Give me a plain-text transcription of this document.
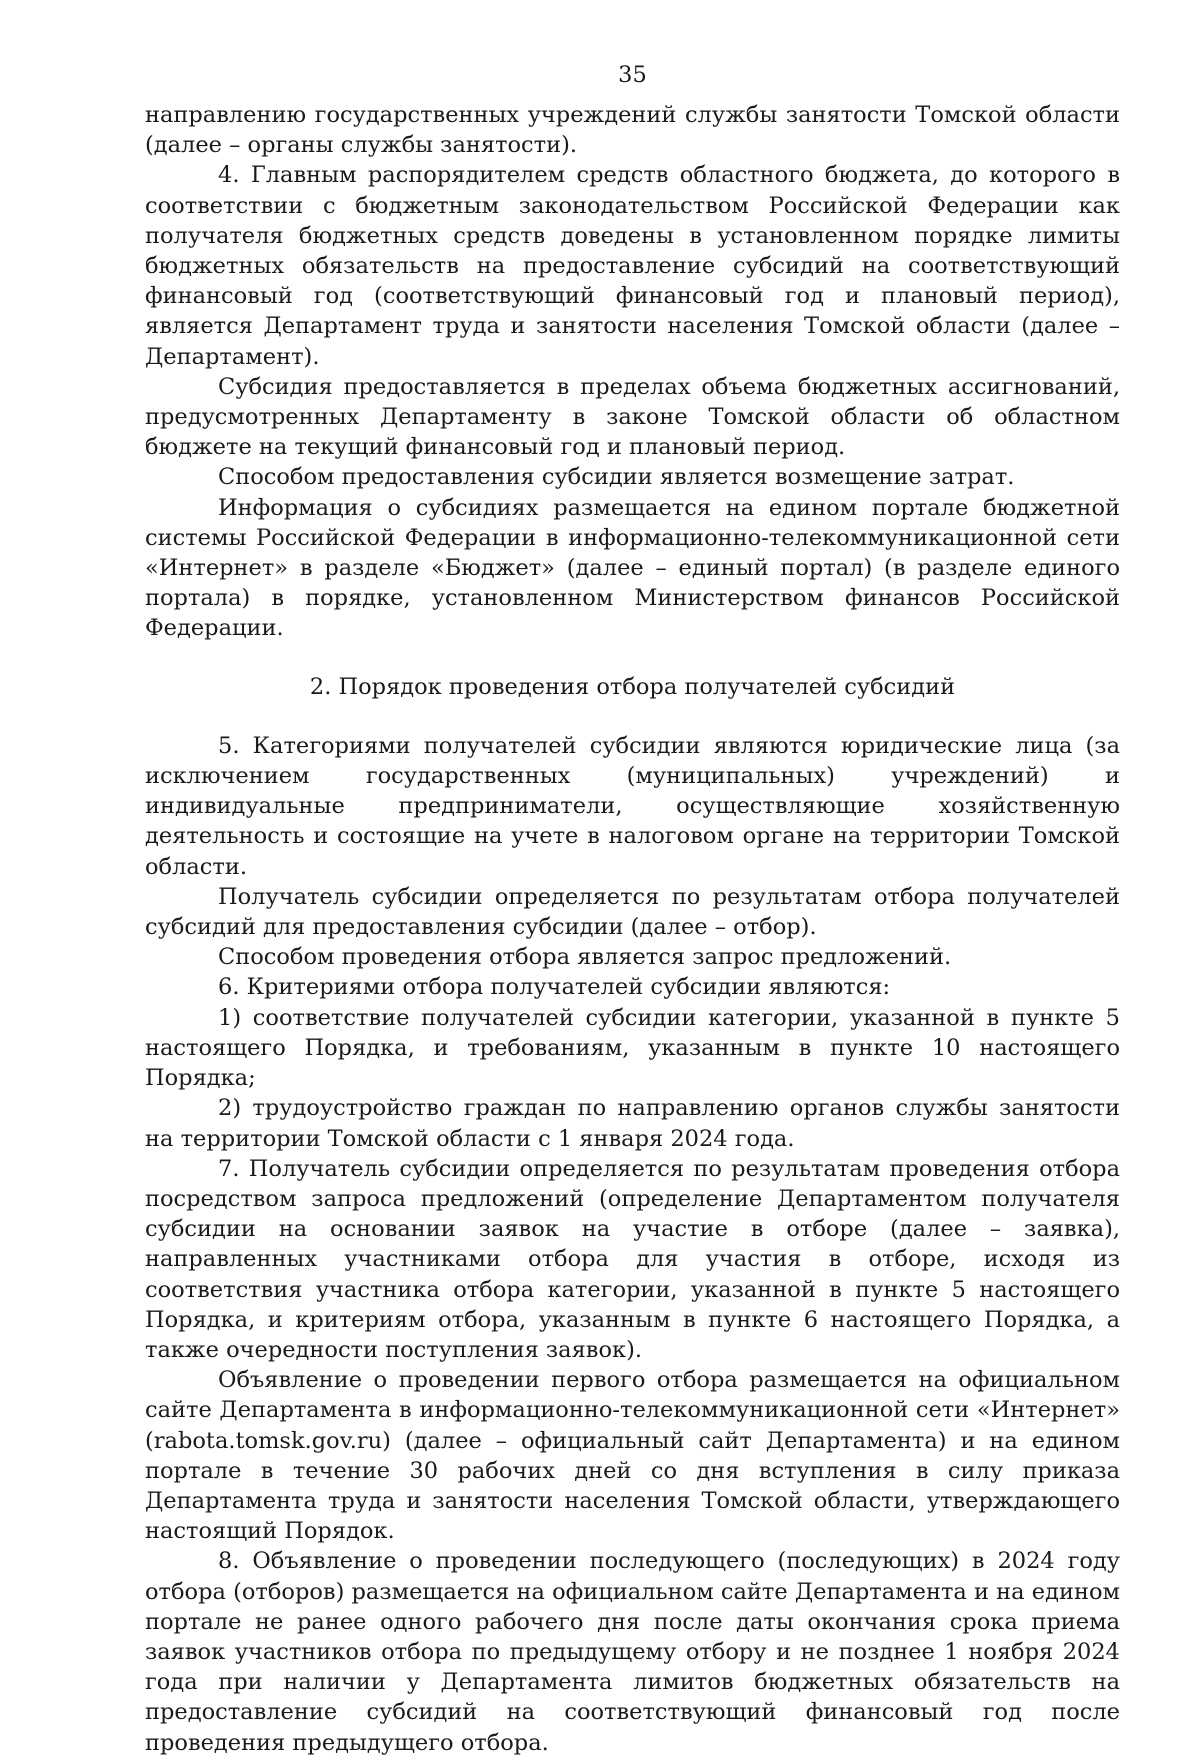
35

направлению государственных учреждений службы занятости Томской области (далее – органы службы занятости).

4. Главным распорядителем средств областного бюджета, до которого в соответствии с бюджетным законодательством Российской Федерации как получателя бюджетных средств доведены в установленном порядке лимиты бюджетных обязательств на предоставление субсидий на соответствующий финансовый год (соответствующий финансовый год и плановый период), является Департамент труда и занятости населения Томской области (далее – Департамент).

Субсидия предоставляется в пределах объема бюджетных ассигнований, предусмотренных Департаменту в законе Томской области об областном бюджете на текущий финансовый год и плановый период.

Способом предоставления субсидии является возмещение затрат.

Информация о субсидиях размещается на едином портале бюджетной системы Российской Федерации в информационно-телекоммуникационной сети «Интернет» в разделе «Бюджет» (далее – единый портал) (в разделе единого портала) в порядке, установленном Министерством финансов Российской Федерации.

2. Порядок проведения отбора получателей субсидий

5. Категориями получателей субсидии являются юридические лица (за исключением государственных (муниципальных) учреждений) и индивидуальные предприниматели, осуществляющие хозяйственную деятельность и состоящие на учете в налоговом органе на территории Томской области.

Получатель субсидии определяется по результатам отбора получателей субсидий для предоставления субсидии (далее – отбор).

Способом проведения отбора является запрос предложений.

6. Критериями отбора получателей субсидии являются:

1) соответствие получателей субсидии категории, указанной в пункте 5 настоящего Порядка, и требованиям, указанным в пункте 10 настоящего Порядка;

2) трудоустройство граждан по направлению органов службы занятости на территории Томской области с 1 января 2024 года.

7. Получатель субсидии определяется по результатам проведения отбора посредством запроса предложений (определение Департаментом получателя субсидии на основании заявок на участие в отборе (далее – заявка), направленных участниками отбора для участия в отборе, исходя из соответствия участника отбора категории, указанной в пункте 5 настоящего Порядка, и критериям отбора, указанным в пункте 6 настоящего Порядка, а также очередности поступления заявок).

Объявление о проведении первого отбора размещается на официальном сайте Департамента в информационно-телекоммуникационной сети «Интернет» (rabota.tomsk.gov.ru) (далее – официальный сайт Департамента) и на едином портале в течение 30 рабочих дней со дня вступления в силу приказа Департамента труда и занятости населения Томской области, утверждающего настоящий Порядок.

8. Объявление о проведении последующего (последующих) в 2024 году отбора (отборов) размещается на официальном сайте Департамента и на едином портале не ранее одного рабочего дня после даты окончания срока приема заявок участников отбора по предыдущему отбору и не позднее 1 ноября 2024 года при наличии у Департамента лимитов бюджетных обязательств на предоставление субсидий на соответствующий финансовый год после проведения предыдущего отбора.
